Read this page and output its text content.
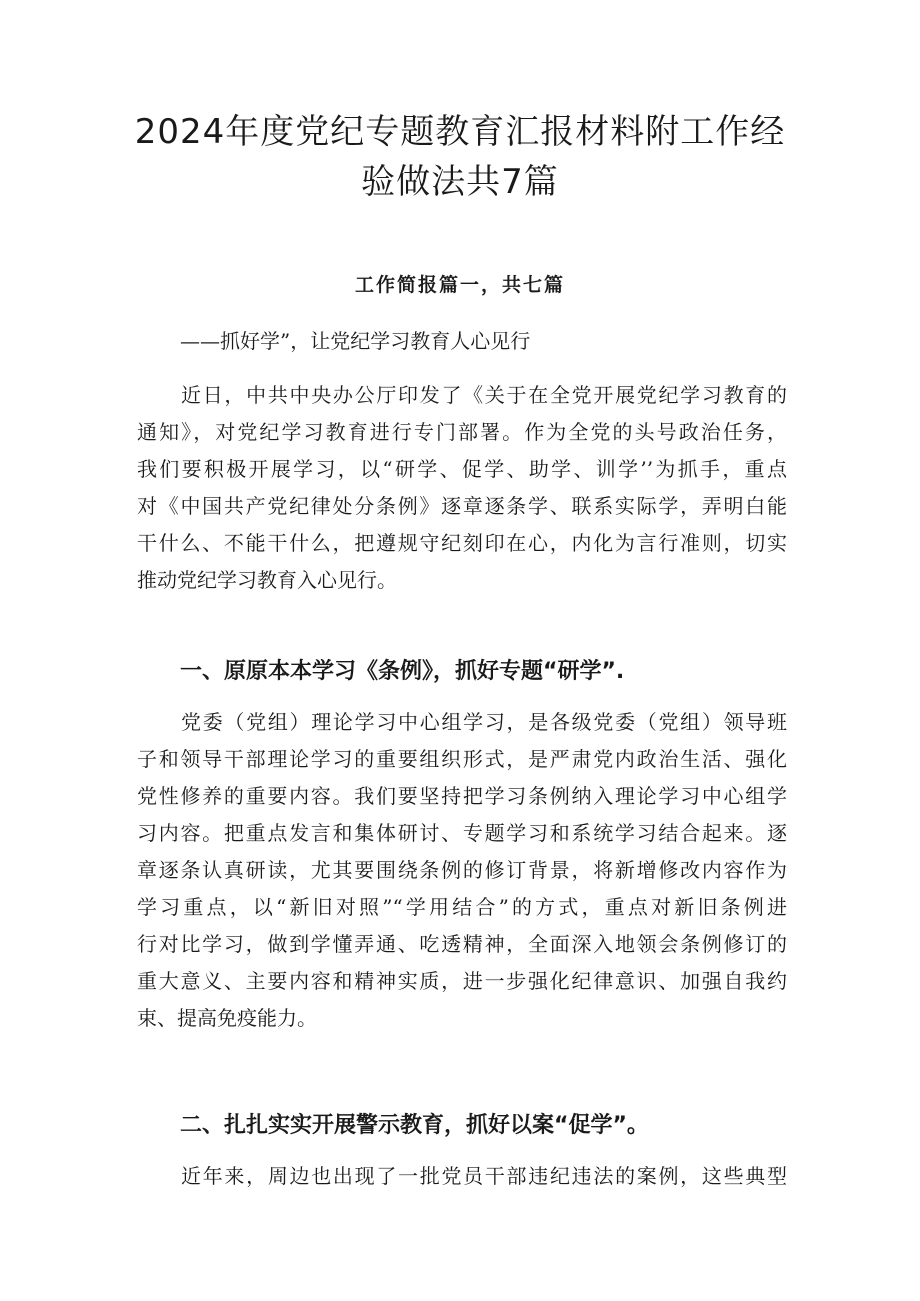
2024年度党纪专题教育汇报材料附工作经
验做法共7篇
工作简报篇一，共七篇

——抓好学”，让党纪学习教育人心见行

近日，中共中央办公厅印发了《关于在全党开展党纪学习教育的
通知》，对党纪学习教育进行专门部署。作为全党的头号政治任务，
我们要积极开展学习，以“研学、促学、助学、训学’’为抓手，重点
对《中国共产党纪律处分条例》逐章逐条学、联系实际学，弄明白能
干什么、不能干什么，把遵规守纪刻印在心，内化为言行准则，切实
推动党纪学习教育入心见行。
一、原原本本学习《条例》，抓好专题“研学”.
党委（党组）理论学习中心组学习，是各级党委（党组）领导班
子和领导干部理论学习的重要组织形式，是严肃党内政治生活、强化
党性修养的重要内容。我们要坚持把学习条例纳入理论学习中心组学
习内容。把重点发言和集体研讨、专题学习和系统学习结合起来。逐
章逐条认真研读，尤其要围绕条例的修订背景，将新增修改内容作为
学习重点，以“新旧对照”“学用结合”的方式，重点对新旧条例进
行对比学习，做到学懂弄通、吃透精神，全面深入地领会条例修订的
重大意义、主要内容和精神实质，进一步强化纪律意识、加强自我约
束、提高免疫能力。
二、扎扎实实开展警示教育，抓好以案“促学”。
近年来，周边也出现了一批党员干部违纪违法的案例，这些典型
